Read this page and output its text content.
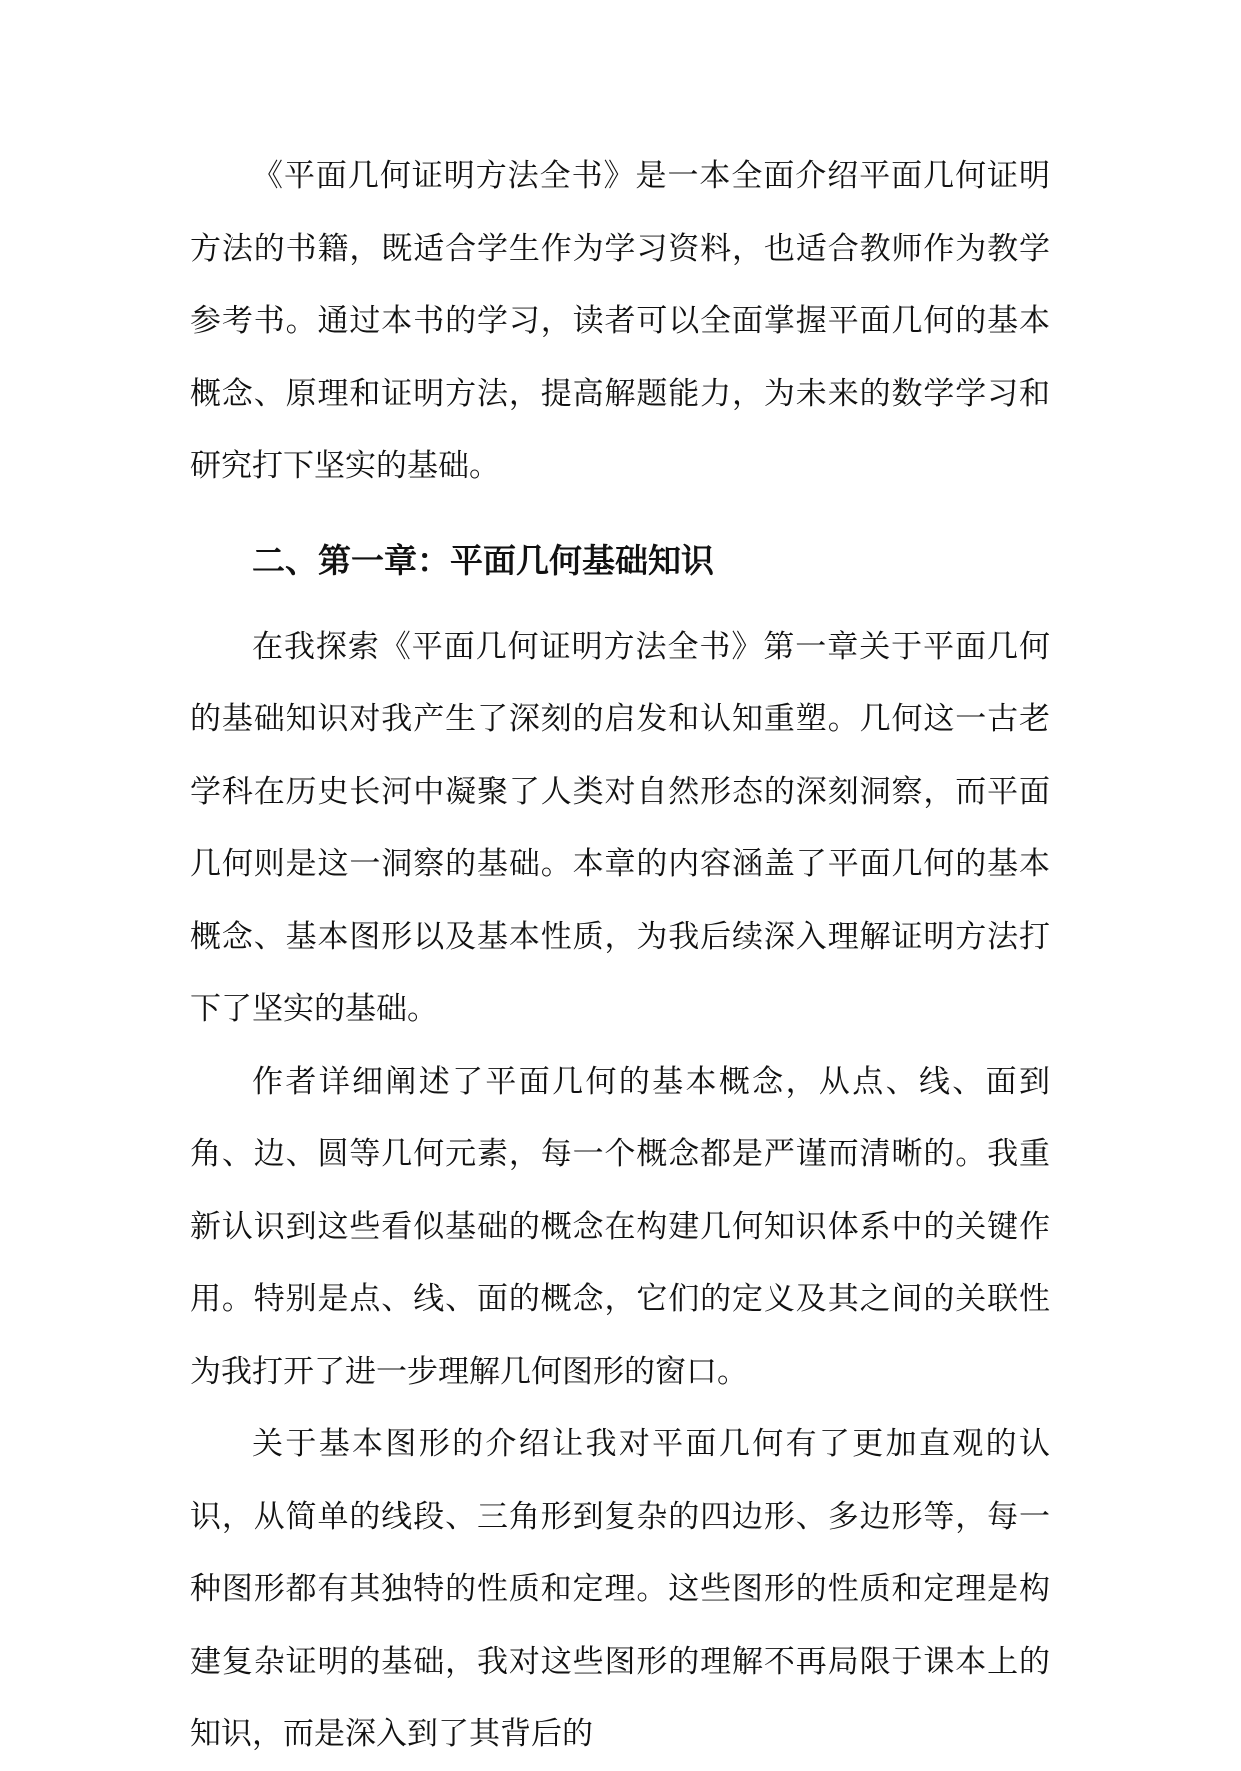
《平面几何证明方法全书》是一本全面介绍平面几何证明方法的书籍，既适合学生作为学习资料，也适合教师作为教学参考书。通过本书的学习，读者可以全面掌握平面几何的基本概念、原理和证明方法，提高解题能力，为未来的数学学习和研究打下坚实的基础。

二、第一章：平面几何基础知识

在我探索《平面几何证明方法全书》第一章关于平面几何的基础知识对我产生了深刻的启发和认知重塑。几何这一古老学科在历史长河中凝聚了人类对自然形态的深刻洞察，而平面几何则是这一洞察的基础。本章的内容涵盖了平面几何的基本概念、基本图形以及基本性质，为我后续深入理解证明方法打下了坚实的基础。

作者详细阐述了平面几何的基本概念，从点、线、面到角、边、圆等几何元素，每一个概念都是严谨而清晰的。我重新认识到这些看似基础的概念在构建几何知识体系中的关键作用。特别是点、线、面的概念，它们的定义及其之间的关联性为我打开了进一步理解几何图形的窗口。

关于基本图形的介绍让我对平面几何有了更加直观的认识，从简单的线段、三角形到复杂的四边形、多边形等，每一种图形都有其独特的性质和定理。这些图形的性质和定理是构建复杂证明的基础，我对这些图形的理解不再局限于课本上的知识，而是深入到了其背后的
